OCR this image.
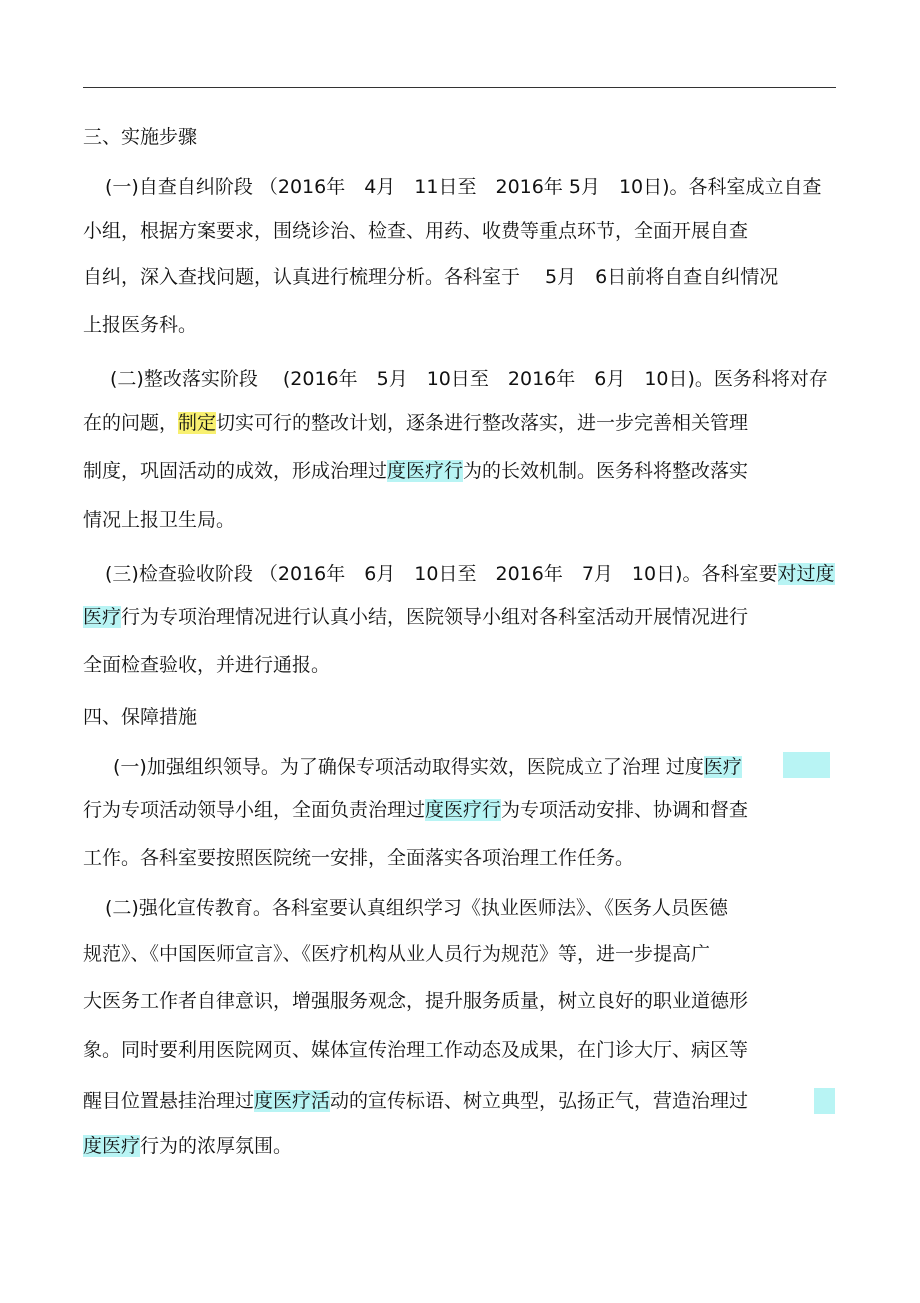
三、实施步骤
(一)自查自纠阶段 （2016年　4月　11日至　2016年 5月　10日)。各科室成立自查
小组，根据方案要求，围绕诊治、检查、用药、收费等重点环节，全面开展自查
自纠，深入查找问题，认真进行梳理分析。各科室于　 5月　6日前将自查自纠情况
上报医务科。
(二)整改落实阶段　 (2016年　5月　10日至　2016年　6月　10日)。医务科将对存
在的问题，制定切实可行的整改计划，逐条进行整改落实，进一步完善相关管理
制度，巩固活动的成效，形成治理过度医疗行为的长效机制。医务科将整改落实
情况上报卫生局。
(三)检查验收阶段 （2016年　6月　10日至　2016年　7月　10日)。各科室要对过度
医疗行为专项治理情况进行认真小结，医院领导小组对各科室活动开展情况进行
全面检查验收，并进行通报。
四、保障措施
(一)加强组织领导。为了确保专项活动取得实效，医院成立了治理 过度医疗
行为专项活动领导小组，全面负责治理过度医疗行为专项活动安排、协调和督查
工作。各科室要按照医院统一安排，全面落实各项治理工作任务。
(二)强化宣传教育。各科室要认真组织学习《执业医师法》、《医务人员医德
规范》、《中国医师宣言》、《医疗机构从业人员行为规范》等，进一步提高广
大医务工作者自律意识，增强服务观念，提升服务质量，树立良好的职业道德形
象。同时要利用医院网页、媒体宣传治理工作动态及成果，在门诊大厅、病区等
醒目位置悬挂治理过度医疗活动的宣传标语、树立典型，弘扬正气，营造治理过
度医疗行为的浓厚氛围。
